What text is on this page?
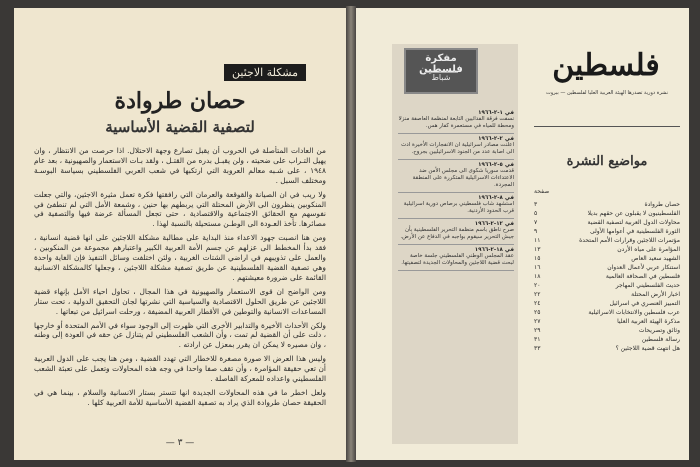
مشكلة الاجئين
حصان طروادة
لتصفية القضية الأساسية

من العادات المتأصلة في الحروب أن يقبل تصارع وجهة الاحتلال. اذا حرصت من الانتظار ، وان يهيل التـراب على ضحيته ، ولن يقبـل بدره من القتـل ، ولقد بـات الاستعمار والصهيونية ، بعد عام ١٩٤٨ ، على شـبه معالم العروبة التي ارتكبها في شعب العربي الفلسطيني بسياسة البوسـة ومختلف السبل .

ولا ريب في ان الصيانة والقوقعة والعرمان التي رافقتها فكرة تعمل مثيرة الاجئين، والتي جعلت المنكوبين ينظرون الى الأرض المحتلة التي يربطهم بها حنين ، وشمعة الأمل التي لم تنطفئ في نفوسهم مع الحقائق الاجتماعية والاقتصادية ، حتى تجعل المسألة عرضة فيها والتصفية في مصائرها. تأخذ العـودة الى الوطـن مستحيلة بالنسبة لهذا .

ومن هنا انصبت جهود الاعداء منذ البداية على مطالبة مشكلة اللاجئين على انها قضية انسانية ، فقد بدأ المخطط الى عزلهم عن جسم الأمة العربية الكبير واعتبارهم مجموعة من المنكوبين ، والعمل على تذويبهم في اراضي الشتات الغربية ، ولئن اختلفت وسائل التنفيذ فإن الغاية واحدة وهي تصفية القضية الفلسطينية عن طريق تصفية مشكلة اللاجئين ، وجعلها كالمشكلة الانسانية القائمة على ضرورة معيشتهم .

ومن الواضح ان قوى الاستعمار والصهيونية في هذا المجال ، تحاول احياء الأمل بإنهاء قضية اللاجئين عن طريق الحلول الاقتصادية والسياسية التي نشرتها لجان التحقيق الدولية ، تحت ستار المساعدات الانسانية والتوطين في الأقطار العربية المضيفة ، ورحلت اسرائيل من تبعاتها .

ولكن الأحداث الأخيرة والتدابير الأخرى التي ظهرت إلى الوجود سواء في الأمم المتحدة أو خارجها ، دلت على أن القضية لم تمت ، وأن الشعب الفلسطيني لم يتنازل عن حقه في العودة إلى وطنه ، وان مصيره لا يمكن ان يقرر بمعزل عن ارادته .

وليس هذا العرض الا صورة مصغرة للاخطار التي تهدد القضية ، ومن هنا يجب على الدول العربية أن تعي حقيقة المؤامرة ، وأن تقف صفا واحدا في وجه هذه المحاولات وتعمل على تعبئة الشعب الفلسطيني واعداده للمعركة الفاصلة .

ولعل اخطر ما في هذه المحاولات الجديدة انها تتستر بستار الانسانية والسلام ، بينما هي في الحقيقة حصان طروادة الذي يراد به تصفية القضية الأساسية للأمة العربية كلها .

— ٣ —
مفكرة فلسطين
شباط
في ١-٢-١٩٦٦
نسفت فرقة الفدائيين التابعة لمنظمة العاصفة منزلا ومحطة للمياه في مستعمرة كفار هس.
في ٢-٢-١٩٦٦
اعلنت مصادر اسرائيلية ان الانفجارات الأخيرة ادت الى اصابة عدد من الجنود الاسرائيليين بجروح.
في ٥-٢-١٩٦٦
قدمت سوريا شكوى الى مجلس الأمن ضد الاعتداءات الاسرائيلية المتكررة على المنطقة المجردة.
في ٨-٢-١٩٦٦
استشهد شاب فلسطيني برصاص دورية اسرائيلية قرب الحدود الأردنية.
في ١٢-٢-١٩٦٦
صرح ناطق باسم منظمة التحرير الفلسطينية بأن جيش التحرير سيقوم بواجبه في الدفاع عن الأرض.
في ١٨-٢-١٩٦٦
عقد المجلس الوطني الفلسطيني جلسة خاصة لبحث قضية اللاجئين والمحاولات الجديدة لتصفيتها.
فلسطين
نشرة دورية تصدرها الهيئة العربية العليا لفلسطين — بيروت
مواضيع النشرة
صفحة
حصان طروادة
٣
الفلسطينيون لا يقبلون عن حقهم بديلا
٥
محاولات الدول العربية لتصفية القضية
٧
الثورة الفلسطينية في أعوامها الأولى
٩
مؤتمرات اللاجئين وقرارات الأمم المتحدة
١١
المؤامرة على مياه الأردن
١٣
الشهيد سعيد العاص
١٥
استنكار عربي لأعمال العدوان
١٦
فلسطين في الصحافة العالمية
١٨
حديث الفلسطيني المهاجر
٢٠
اخبار الأرض المحتلة
٢٢
التمييز العنصري في اسرائيل
٢٤
عرب فلسطين والانتخابات الاسرائيلية
٢٥
مذكرة الهيئة العربية العليا
٢٧
وثائق وتصريحات
٢٩
رسالة فلسطين
٣١
هل انتهت قضية اللاجئين ؟
٣٣
